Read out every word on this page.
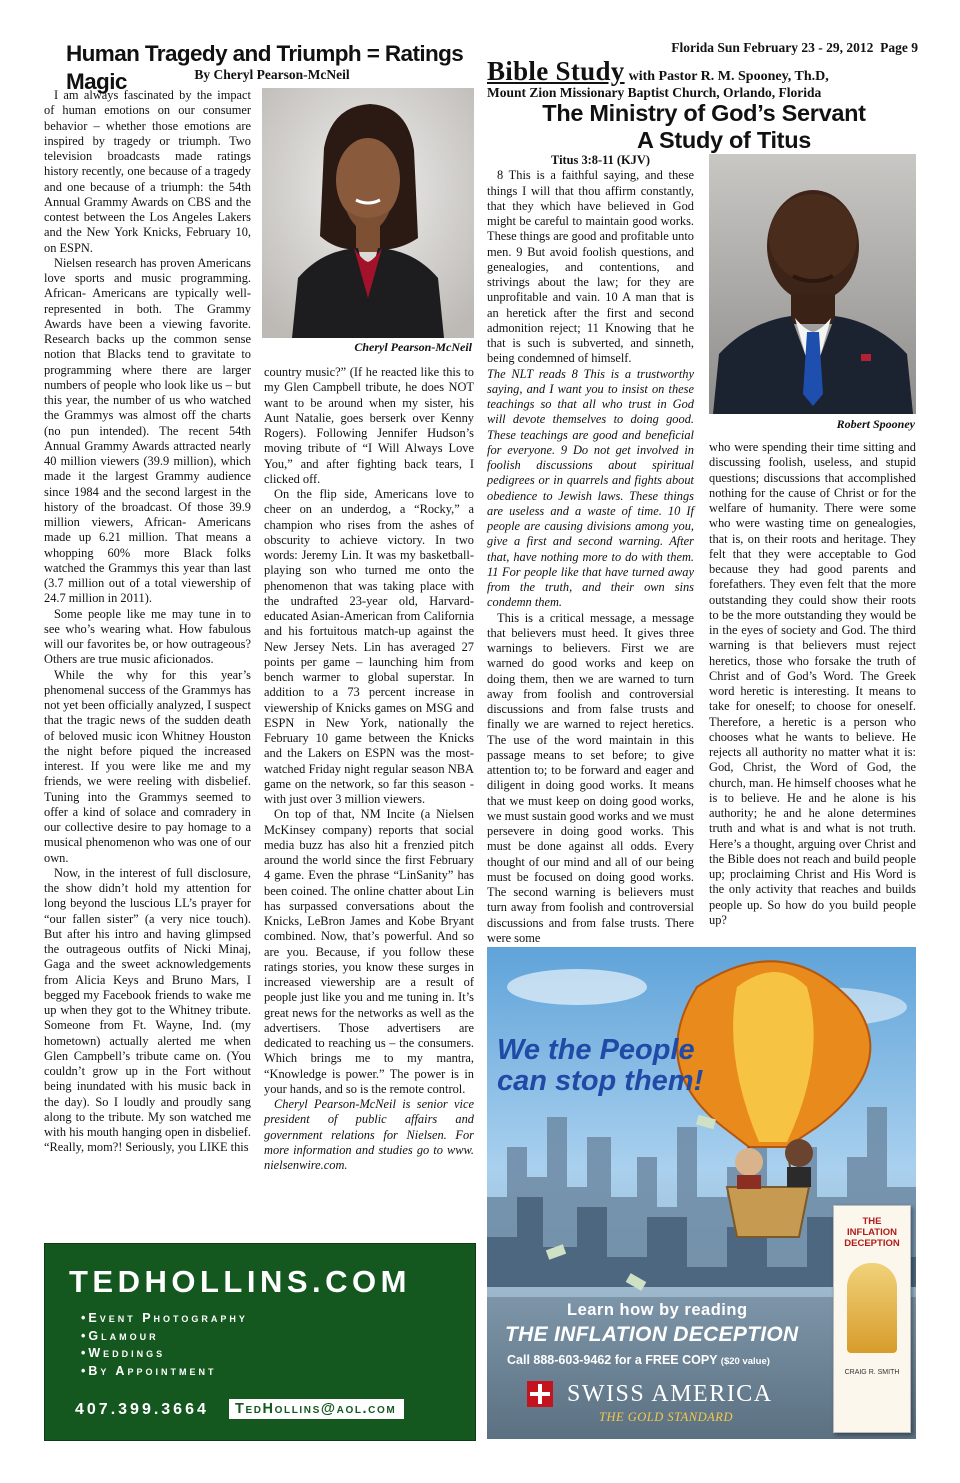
Human Tragedy and Triumph = Ratings Magic	By Cheryl Pearson-McNeil

I am always fascinated by the impact of human emotions on our consumer behavior – whether those emotions are inspired by tragedy or triumph. Two television broadcasts made ratings history recently, one because of a tragedy and one because of a triumph: the 54th Annual Grammy Awards on CBS and the contest between the Los Angeles Lakers and the New York Knicks, February 10, on ESPN.

Nielsen research has proven Americans love sports and music programming. African- Americans are typically well-represented in both. The Grammy Awards have been a viewing favorite. Research backs up the common sense notion that Blacks tend to gravitate to programming where there are larger numbers of people who look like us – but this year, the number of us who watched the Grammys was almost off the charts (no pun intended). The recent 54th Annual Grammy Awards attracted nearly 40 million viewers (39.9 million), which made it the largest Grammy audience since 1984 and the second largest in the history of the broadcast. Of those 39.9 million viewers, African- Americans made up 6.21 million. That means a whopping 60% more Black folks watched the Grammys this year than last (3.7 million out of a total viewership of 24.7 million in 2011).

Some people like me may tune in to see who’s wearing what. How fabulous will our favorites be, or how outrageous? Others are true music aficionados.

While the why for this year’s phenomenal success of the Grammys has not yet been officially analyzed, I suspect that the tragic news of the sudden death of beloved music icon Whitney Houston the night before piqued the increased interest. If you were like me and my friends, we were reeling with disbelief. Tuning into the Grammys seemed to offer a kind of solace and comradery in our collective desire to pay homage to a musical phenomenon who was one of our own.

Now, in the interest of full disclosure, the show didn’t hold my attention for long beyond the luscious LL’s prayer for “our fallen sister” (a very nice touch). But after his intro and having glimpsed the outrageous outfits of Nicki Minaj, Gaga and the sweet acknowledgements from Alicia Keys and Bruno Mars, I begged my Facebook friends to wake me up when they got to the Whitney tribute. Someone from Ft. Wayne, Ind. (my hometown) actually alerted me when Glen Campbell’s tribute came on. (You couldn’t grow up in the Fort without being inundated with his music back in the day). So I loudly and proudly sang along to the tribute. My son watched me with his mouth hanging open in disbelief. “Really, mom?! Seriously, you LIKE this

Cheryl Pearson-McNeil

country music?” (If he reacted like this to my Glen Campbell tribute, he does NOT want to be around when my sister, his Aunt Natalie, goes berserk over Kenny Rogers). Following Jennifer Hudson’s moving tribute of “I Will Always Love You,” and after fighting back tears, I clicked off.

On the flip side, Americans love to cheer on an underdog, a “Rocky,” a champion who rises from the ashes of obscurity to achieve victory. In two words: Jeremy Lin. It was my basketball-playing son who turned me onto the phenomenon that was taking place with the undrafted 23-year old, Harvard-educated Asian-American from California and his fortuitous match-up against the New Jersey Nets. Lin has averaged 27 points per game – launching him from bench warmer to global superstar. In addition to a 73 percent increase in viewership of Knicks games on MSG and ESPN in New York, nationally the February 10 game between the Knicks and the Lakers on ESPN was the most-watched Friday night regular season NBA game on the network, so far this season - with just over 3 million viewers.

On top of that, NM Incite (a Nielsen McKinsey company) reports that social media buzz has also hit a frenzied pitch around the world since the first February 4 game. Even the phrase “LinSanity” has been coined. The online chatter about Lin has surpassed conversations about the Knicks, LeBron James and Kobe Bryant combined. Now, that’s powerful. And so are you. Because, if you follow these ratings stories, you know these surges in increased viewership are a result of people just like you and me tuning in. It’s great news for the networks as well as the advertisers. Those advertisers are dedicated to reaching us – the consumers. Which brings me to my mantra, “Knowledge is power.” The power is in your hands, and so is the remote control.

Cheryl Pearson-McNeil is senior vice president of public affairs and government relations for Nielsen. For more information and studies go to www. nielsenwire.com.

Florida Sun February 23 - 29, 2012  Page 9
Bible Study with Pastor R. M. Spooney, Th.D,
Mount Zion Missionary Baptist Church, Orlando, Florida
The Ministry of God’s Servant
A Study of Titus
Titus 3:8-11 (KJV)

8 This is a faithful saying, and these things I will that thou affirm constantly, that they which have believed in God might be careful to maintain good works. These things are good and profitable unto men. 9 But avoid foolish questions, and genealogies, and contentions, and strivings about the law; for they are unprofitable and vain. 10 A man that is an heretick after the first and second admonition reject; 11 Knowing that he that is such is subverted, and sinneth, being condemned of himself.

The NLT reads 8 This is a trustworthy saying, and I want you to insist on these teachings so that all who trust in God will devote themselves to doing good. These teachings are good and beneficial for everyone. 9 Do not get involved in foolish discussions about spiritual pedigrees or in quarrels and fights about obedience to Jewish laws. These things are useless and a waste of time. 10 If people are causing divisions among you, give a first and second warning. After that, have nothing more to do with them. 11 For people like that have turned away from the truth, and their own sins condemn them.

This is a critical message, a message that believers must heed. It gives three warnings to believers. First we are warned do good works and keep on doing them, then we are warned to turn away from foolish and controversial discussions and from false trusts and finally we are warned to reject heretics. The use of the word maintain in this passage means to set before; to give attention to; to be forward and eager and diligent in doing good works. It means that we must keep on doing good works, we must sustain good works and we must persevere in doing good works. This must be done against all odds. Every thought of our mind and all of our being must be focused on doing good works. The second warning is believers must turn away from foolish and controversial discussions and from false trusts. There were some

Robert Spooney

who were spending their time sitting and discussing foolish, useless, and stupid questions; discussions that accomplished nothing for the cause of Christ or for the welfare of humanity. There were some who were wasting time on genealogies, that is, on their roots and heritage. They felt that they were acceptable to God because they had good parents and forefathers. They even felt that the more outstanding they could show their roots to be the more outstanding they would be in the eyes of society and God. The third warning is that believers must reject heretics, those who forsake the truth of Christ and of God’s Word. The Greek word heretic is interesting. It means to take for oneself; to choose for oneself. Therefore, a heretic is a person who chooses what he wants to believe. He rejects all authority no matter what it is: God, Christ, the Word of God, the church, man. He himself chooses what he is to believe. He and he alone is his authority; he and he alone determines truth and what is and what is not truth. Here’s a thought, arguing over Christ and the Bible does not reach and build people up; proclaiming Christ and His Word is the only activity that reaches and builds people up. So how do you build people up?

TEDHOLLINS.COM
•Event Photography
•Glamour
•Weddings
•By Appointment
407.399.3664	TedHollins@aol.com
We the People
can stop them!
Learn how by reading
THE INFLATION DECEPTION
Call 888-603-9462 for a FREE COPY ($20 value)
SWISS AMERICA
THE GOLD STANDARD
THE INFLATION DECEPTION
CRAIG R. SMITH
